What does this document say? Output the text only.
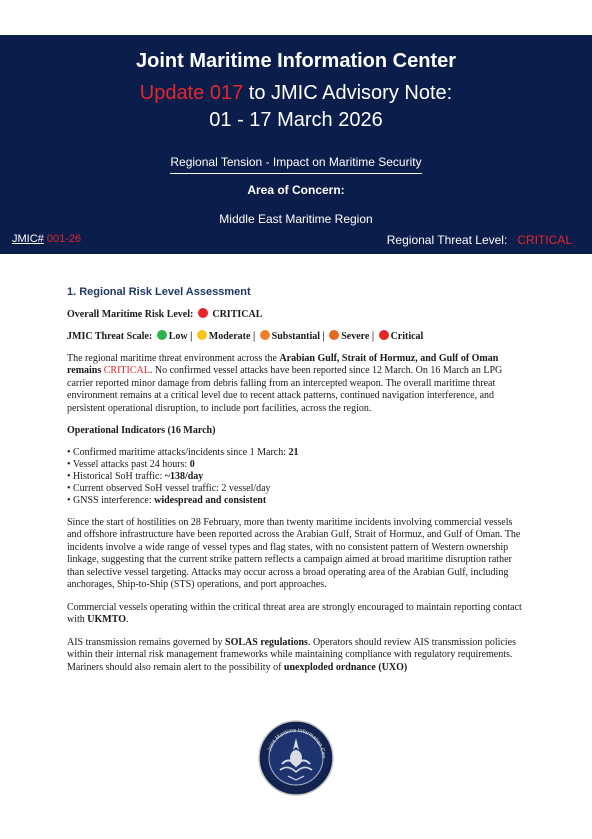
Joint Maritime Information Center
Update 017 to JMIC Advisory Note:
01 - 17 March 2026
Regional Tension - Impact on Maritime Security
Area of Concern:
Middle East Maritime Region
JMIC# 001-26	Regional Threat Level: CRITICAL
1. Regional Risk Level Assessment
Overall Maritime Risk Level: CRITICAL
JMIC Threat Scale: Low | Moderate | Substantial | Severe | Critical

The regional maritime threat environment across the Arabian Gulf, Strait of Hormuz, and Gulf of Oman remains CRITICAL. No confirmed vessel attacks have been reported since 12 March. On 16 March an LPG carrier reported minor damage from debris falling from an intercepted weapon. The overall maritime threat environment remains at a critical level due to recent attack patterns, continued navigation interference, and persistent operational disruption, to include port facilities, across the region.

Operational Indicators (16 March)
• Confirmed maritime attacks/incidents since 1 March: 21
• Vessel attacks past 24 hours: 0
• Historical SoH traffic: ~138/day
• Current observed SoH vessel traffic: 2 vessel/day
• GNSS interference: widespread and consistent

Since the start of hostilities on 28 February, more than twenty maritime incidents involving commercial vessels and offshore infrastructure have been reported across the Arabian Gulf, Strait of Hormuz, and Gulf of Oman. The incidents involve a wide range of vessel types and flag states, with no consistent pattern of Western ownership linkage, suggesting that the current strike pattern reflects a campaign aimed at broad maritime disruption rather than selective vessel targeting. Attacks may occur across a broad operating area of the Arabian Gulf, including anchorages, Ship-to-Ship (STS) operations, and port approaches.

Commercial vessels operating within the critical threat area are strongly encouraged to maintain reporting contact with UKMTO.

AIS transmission remains governed by SOLAS regulations. Operators should review AIS transmission policies within their internal risk management frameworks while maintaining compliance with regulatory requirements. Mariners should also remain alert to the possibility of unexploded ordnance (UXO)

Joint Maritime Information Cen
